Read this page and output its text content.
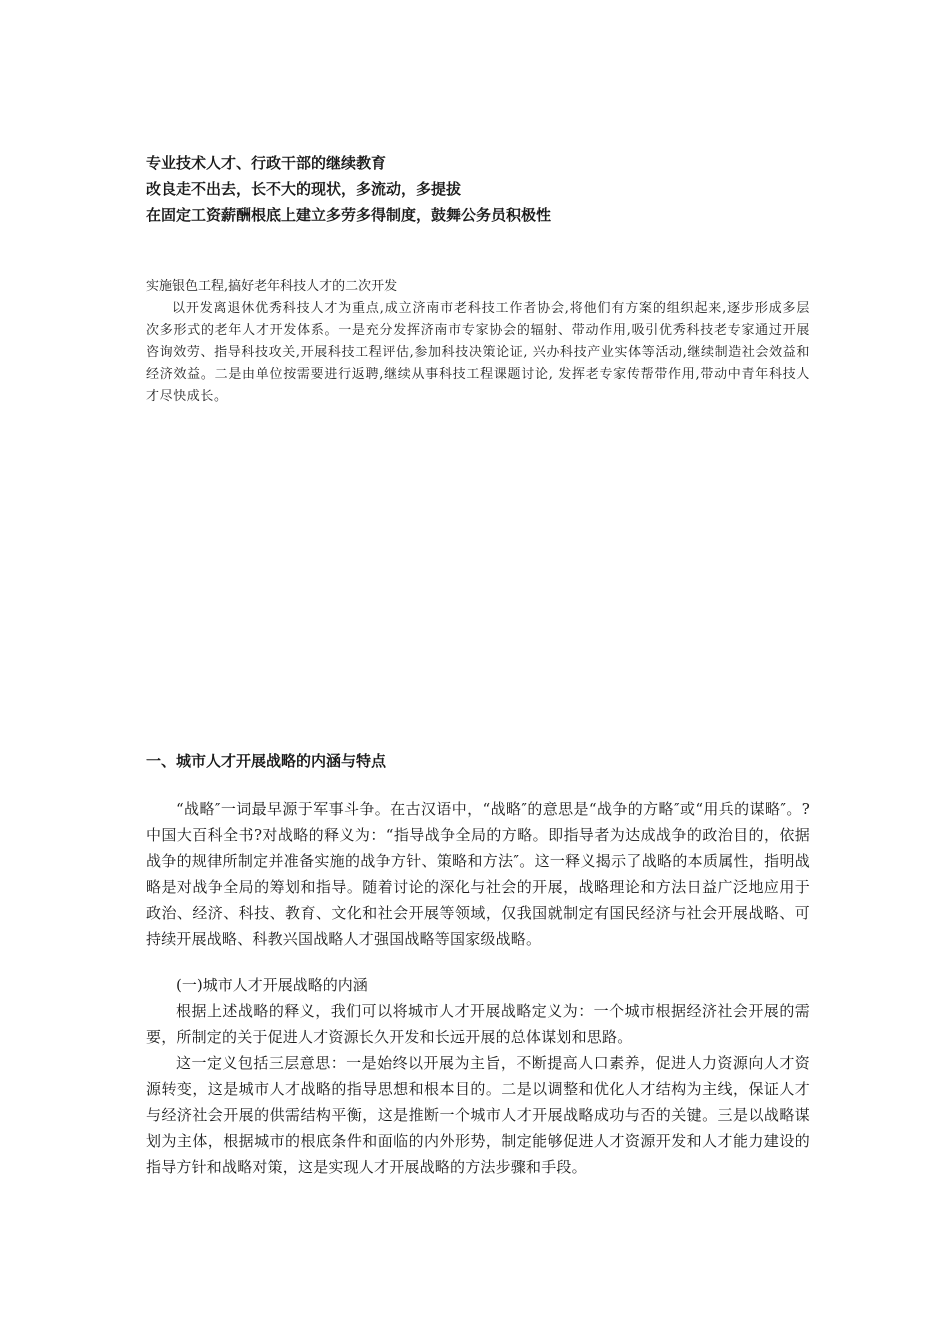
专业技术人才、行政干部的继续教育
改良走不出去，长不大的现状，多流动，多提拔
在固定工资薪酬根底上建立多劳多得制度，鼓舞公务员积极性
实施银色工程,搞好老年科技人才的二次开发
以开发离退休优秀科技人才为重点,成立济南市老科技工作者协会,将他们有方案的组织起来,逐步形成多层次多形式的老年人才开发体系。一是充分发挥济南市专家协会的辐射、带动作用,吸引优秀科技老专家通过开展咨询效劳、指导科技攻关,开展科技工程评估,参加科技决策论证, 兴办科技产业实体等活动,继续制造社会效益和经济效益。二是由单位按需要进行返聘,继续从事科技工程课题讨论, 发挥老专家传帮带作用,带动中青年科技人才尽快成长。
一、城市人才开展战略的内涵与特点
“战略″一词最早源于军事斗争。在古汉语中，“战略″的意思是“战争的方略″或“用兵的谋略″。?中国大百科全书?对战略的释义为：“指导战争全局的方略。即指导者为达成战争的政治目的，依据战争的规律所制定并准备实施的战争方针、策略和方法″。这一释义揭示了战略的本质属性，指明战略是对战争全局的筹划和指导。随着讨论的深化与社会的开展，战略理论和方法日益广泛地应用于政治、经济、科技、教育、文化和社会开展等领域，仅我国就制定有国民经济与社会开展战略、可持续开展战略、科教兴国战略人才强国战略等国家级战略。
(一)城市人才开展战略的内涵
根据上述战略的释义，我们可以将城市人才开展战略定义为：一个城市根据经济社会开展的需要，所制定的关于促进人才资源长久开发和长远开展的总体谋划和思路。
这一定义包括三层意思：一是始终以开展为主旨，不断提高人口素养，促进人力资源向人才资源转变，这是城市人才战略的指导思想和根本目的。二是以调整和优化人才结构为主线，保证人才与经济社会开展的供需结构平衡，这是推断一个城市人才开展战略成功与否的关键。三是以战略谋划为主体，根据城市的根底条件和面临的内外形势，制定能够促进人才资源开发和人才能力建设的指导方针和战略对策，这是实现人才开展战略的方法步骤和手段。
